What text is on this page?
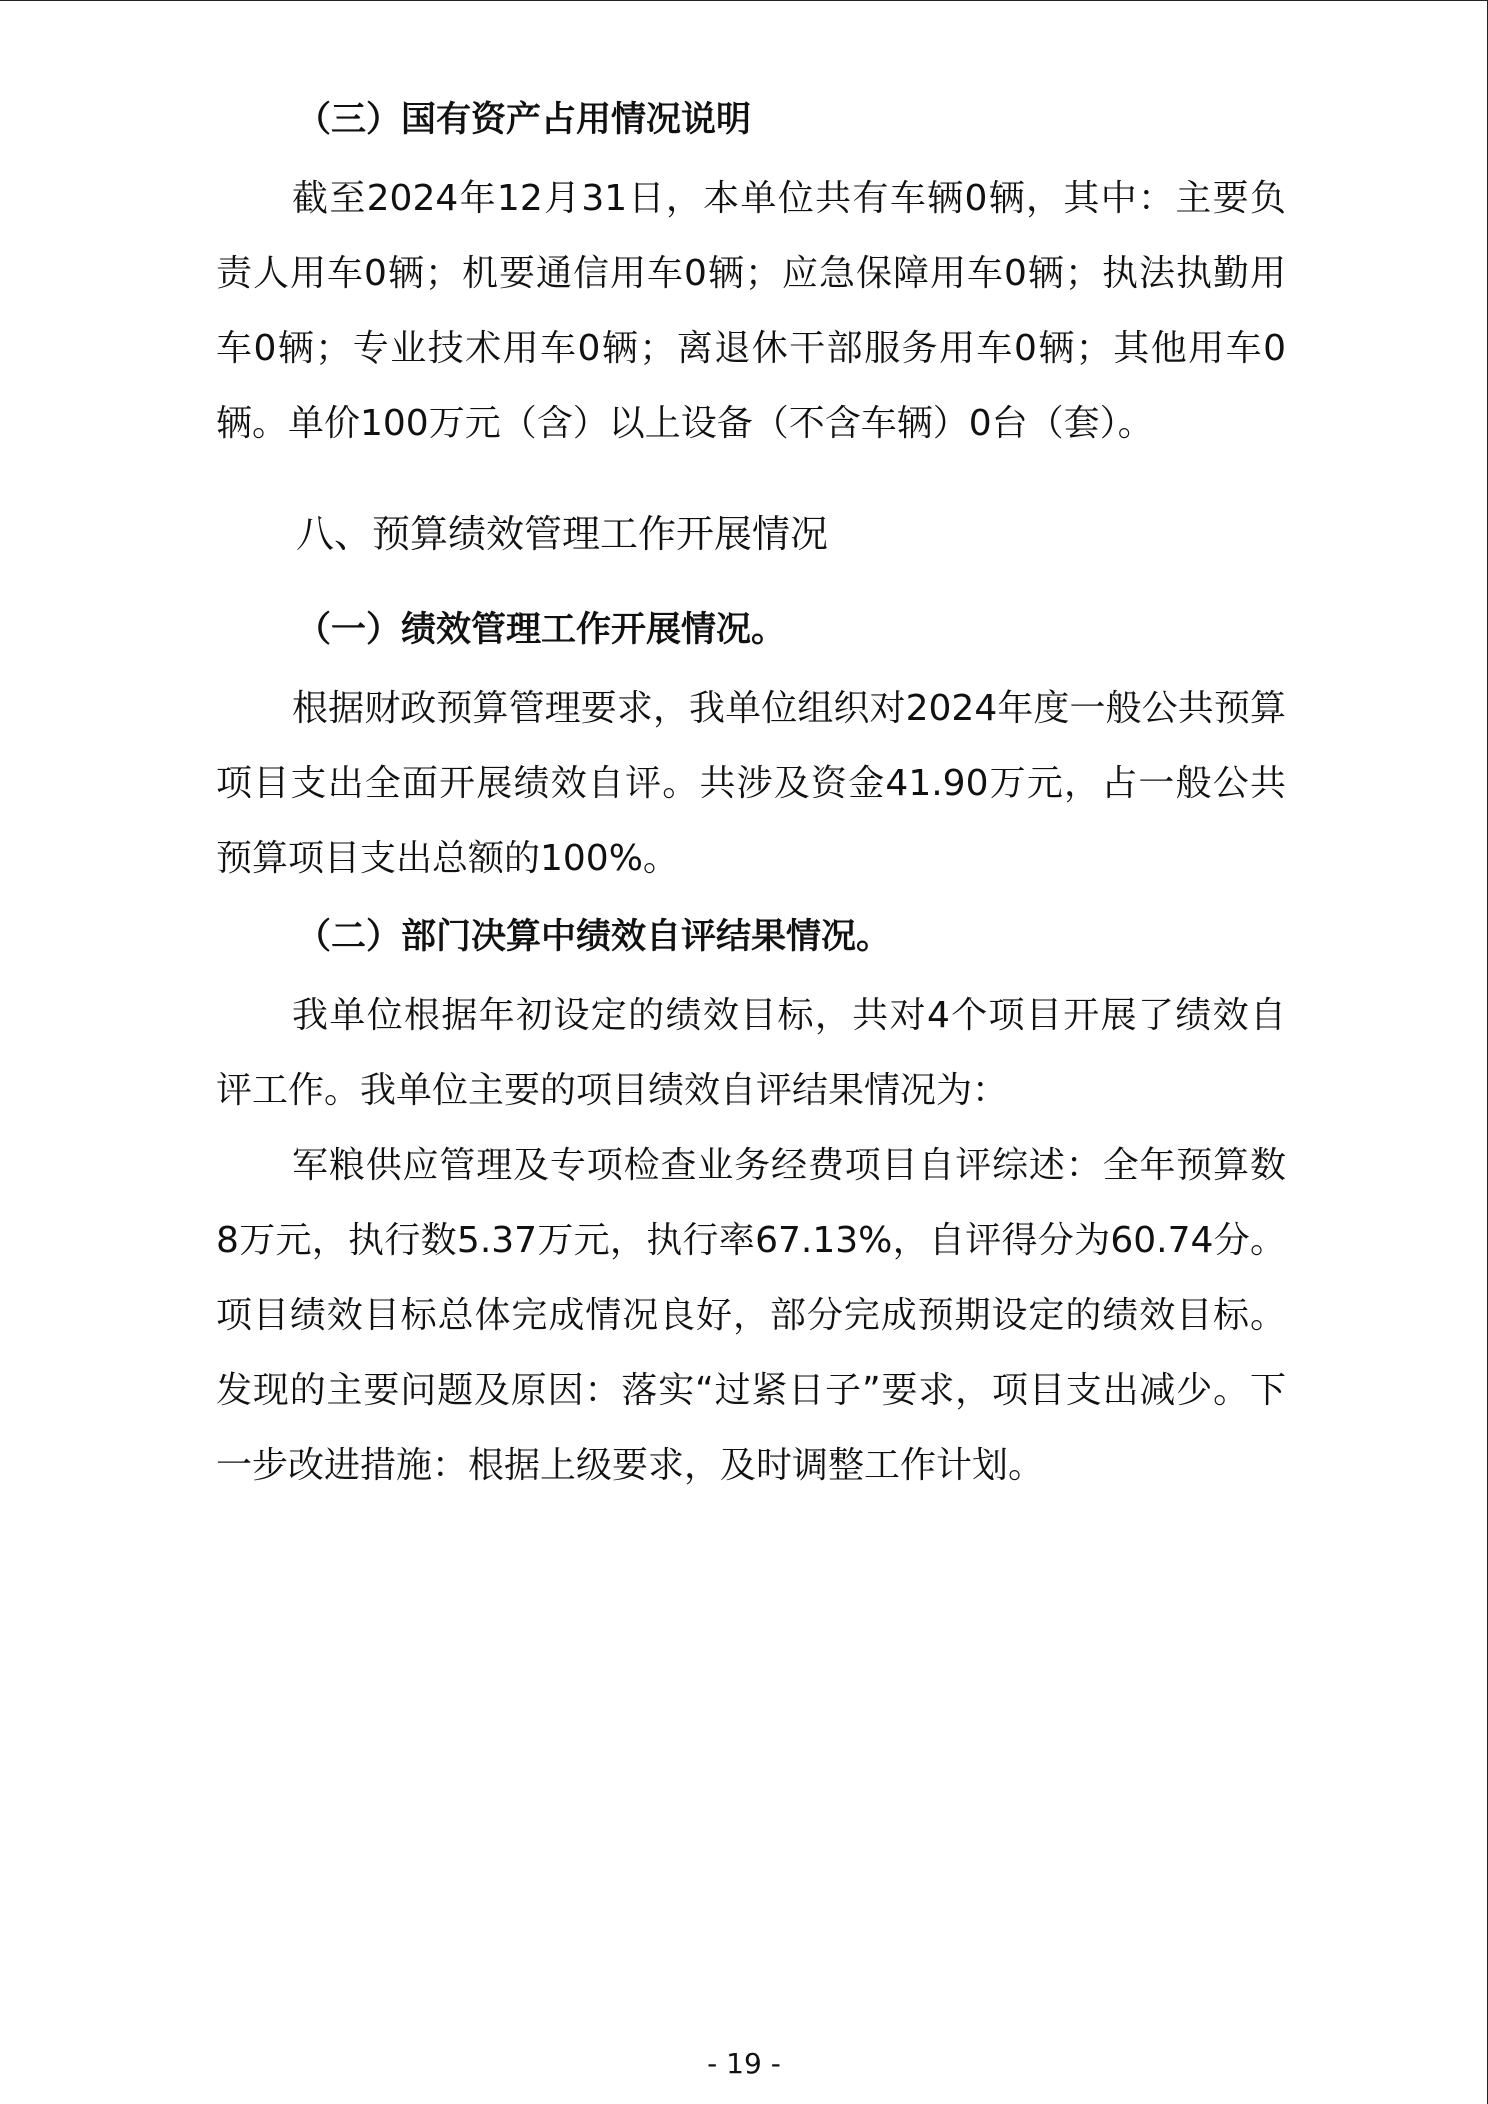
（三）国有资产占用情况说明

截至2024年12月31日，本单位共有车辆0辆，其中：主要负责人用车0辆；机要通信用车0辆；应急保障用车0辆；执法执勤用车0辆；专业技术用车0辆；离退休干部服务用车0辆；其他用车0辆。单价100万元（含）以上设备（不含车辆）0台（套）。

八、预算绩效管理工作开展情况

（一）绩效管理工作开展情况。

根据财政预算管理要求，我单位组织对2024年度一般公共预算项目支出全面开展绩效自评。共涉及资金41.90万元，占一般公共预算项目支出总额的100%。

（二）部门决算中绩效自评结果情况。

我单位根据年初设定的绩效目标，共对4个项目开展了绩效自评工作。我单位主要的项目绩效自评结果情况为：

军粮供应管理及专项检查业务经费项目自评综述：全年预算数8万元，执行数5.37万元，执行率67.13%，自评得分为60.74分。项目绩效目标总体完成情况良好，部分完成预期设定的绩效目标。发现的主要问题及原因：落实“过紧日子”要求，项目支出减少。下一步改进措施：根据上级要求，及时调整工作计划。

- 19 -
